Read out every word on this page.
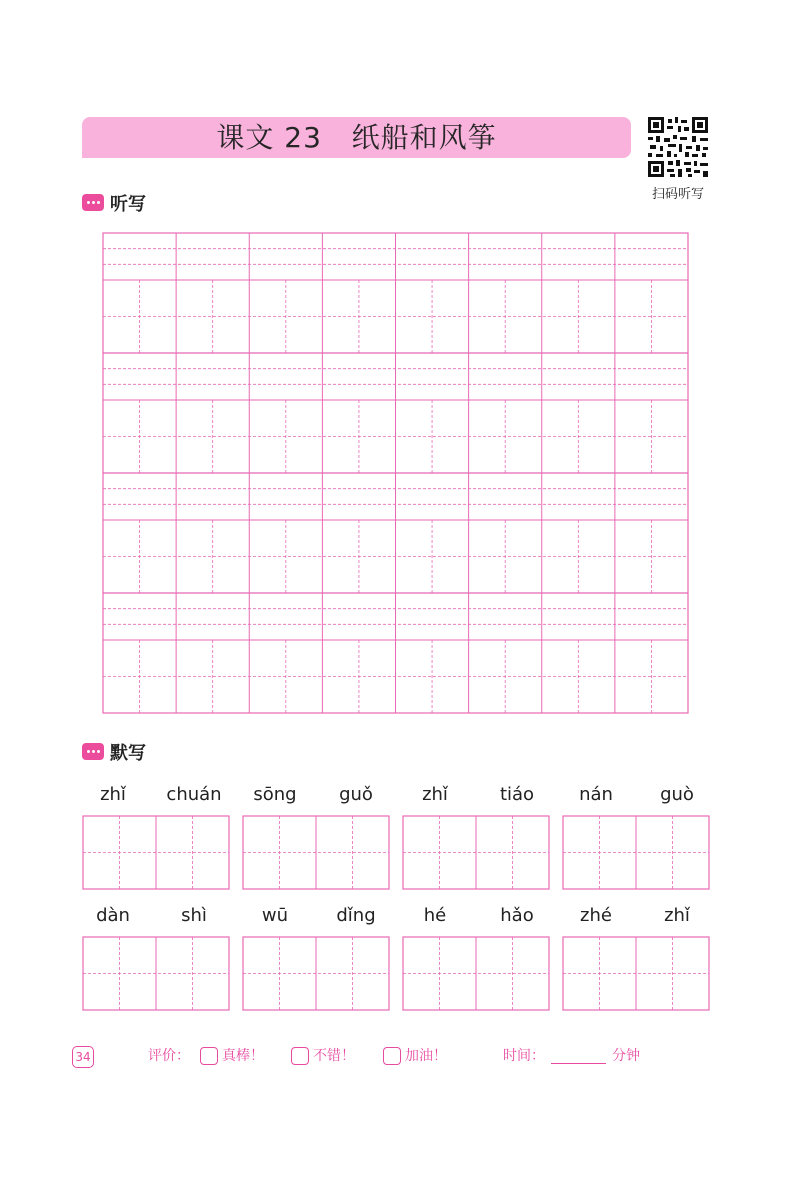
课文 23   纸船和风筝
扫码听写
听写
默写
zhǐ	chuán	sōng	guǒ	zhǐ	tiáo	nán	guò
dàn	shì	wū	dǐng	hé	hǎo	zhé	zhǐ
34	评价： 真棒！	不错！	加油！	时间：	分钟
